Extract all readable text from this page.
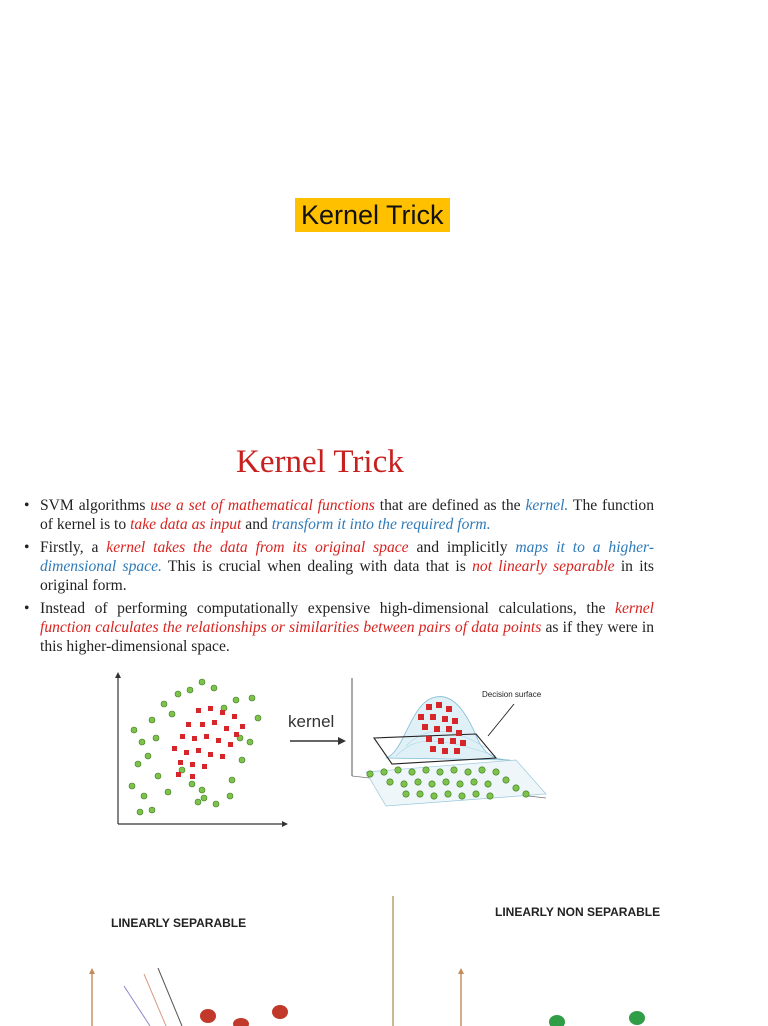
Kernel Trick
Kernel Trick
• SVM algorithms use a set of mathematical functions that are defined as the kernel. The function of kernel is to take data as input and transform it into the required form.
• Firstly, a kernel takes the data from its original space and implicitly maps it to a higher-dimensional space. This is crucial when dealing with data that is not linearly separable in its original form.
• Instead of performing computationally expensive high-dimensional calculations, the kernel function calculates the relationships or similarities between pairs of data points as if they were in this higher-dimensional space.
kernel
Decision surface
LINEARLY SEPARABLE
LINEARLY NON SEPARABLE
